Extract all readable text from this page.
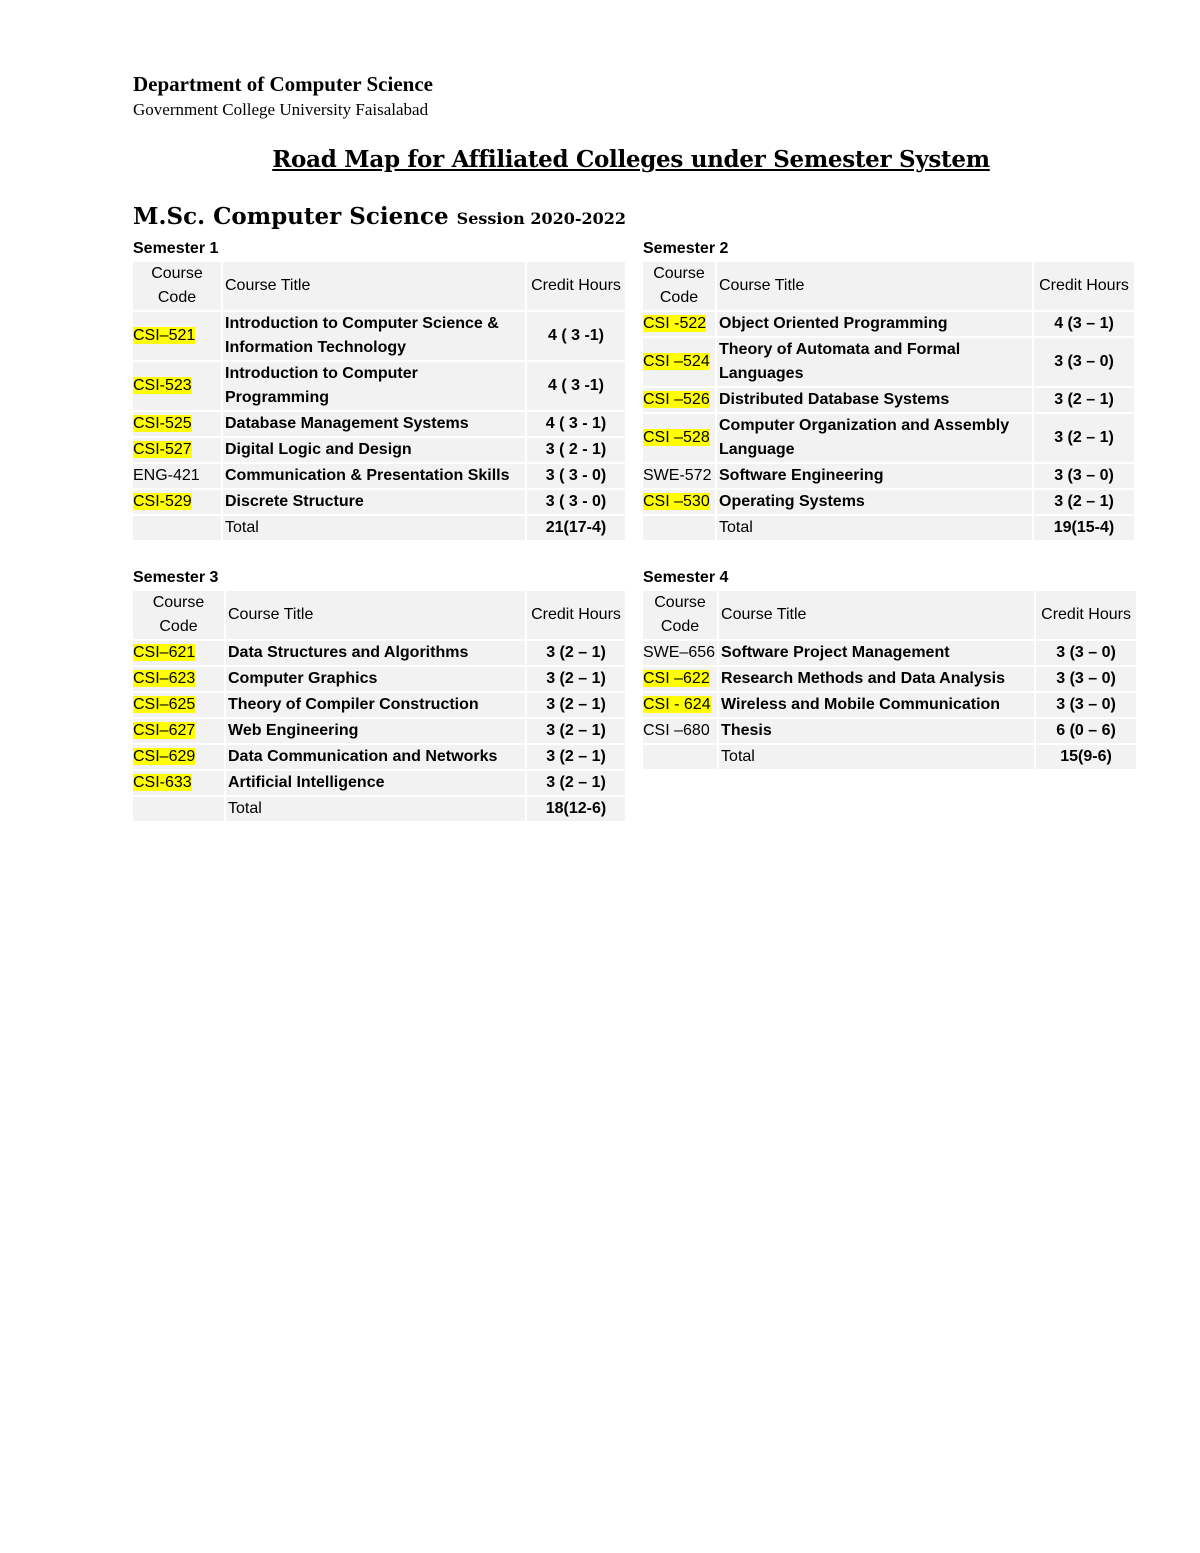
Department of Computer Science
Government College University Faisalabad
Road Map for Affiliated Colleges under Semester System
M.Sc. Computer Science Session 2020-2022
Semester 1
Course Code	Course Title	Credit Hours
CSI–521	Introduction to Computer Science & Information Technology	4 ( 3 -1)
CSI-523	Introduction to Computer Programming	4 ( 3 -1)
CSI-525	Database Management Systems	4 ( 3 - 1)
CSI-527	Digital Logic and Design	3 ( 2 - 1)
ENG-421	Communication & Presentation Skills	3 ( 3 - 0)
CSI-529	Discrete Structure	3 ( 3 - 0)
	Total	21(17-4)
Semester 2
Course Code	Course Title	Credit Hours
CSI -522	Object Oriented Programming	4 (3 – 1)
CSI –524	Theory of Automata and Formal Languages	3 (3 – 0)
CSI –526	Distributed Database Systems	3 (2 – 1)
CSI –528	Computer Organization and Assembly Language	3 (2 – 1)
SWE-572	Software Engineering	3 (3 – 0)
CSI –530	Operating Systems	3 (2 – 1)
	Total	19(15-4)
Semester 3
Course Code	Course Title	Credit Hours
CSI–621	Data Structures and Algorithms	3 (2 – 1)
CSI–623	Computer Graphics	3 (2 – 1)
CSI–625	Theory of Compiler Construction	3 (2 – 1)
CSI–627	Web Engineering	3 (2 – 1)
CSI–629	Data Communication and Networks	3 (2 – 1)
CSI-633	Artificial Intelligence	3 (2 – 1)
	Total	18(12-6)
Semester 4
Course Code	Course Title	Credit Hours
SWE–656	Software Project Management	3 (3 – 0)
CSI –622	Research Methods and Data Analysis	3 (3 – 0)
CSI - 624	Wireless and Mobile Communication	3 (3 – 0)
CSI –680	Thesis	6 (0 – 6)
	Total	15(9-6)
